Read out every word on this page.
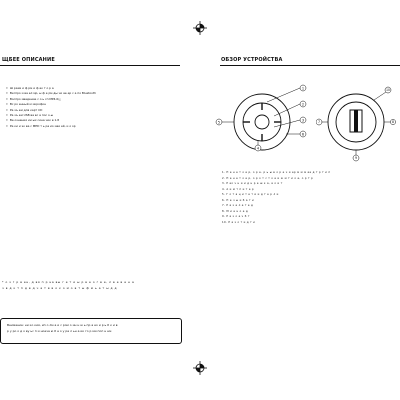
ЩБЕЕ ОПИСАНИЕ
• Ш разм и ф рм и ф ак т о р а
• Вкспро и ва ел мр, ы ф е рм ды чи ае ер с а по Bluetooth
• Воспро иведение с о ь сп MP4.0/¿
• Вс ро енный м икрофон
• Ра зъ ем для карт СD
• Ра зъ ем USB ва вс а пос о-ы
• Ве ознения ии ых сина чик в 1.8
• Ре ки и эк ва с MED т ь ра ио иаи ей, и о ор
* о з г р в ен, д вя п р на вы г е т и ы р в е о г в е, л в е в е н а
ч в д к т п д в д ч а т в в о к о м о в т ы ф м ь а т ы д д
Внимание: ни ко кия, ип о лм а и с ром о ин н ю ь пр а ео и р ь б к и в
р у ро о д о ву ьс п и ноеча ю б е о у ра л ьн а ик го р ми поп н нм
ОБЗОР УСТРОЙСТВА
1
2
3
4
5
6
7	8
9
10
1. Н е н е т о е р, о р е. р ь ы в о р е ч и ер м м м ае д т р т и п
2. Н е н е т о е р, о р о т с т о е и ж м т и о е, о р т р
3. Р ео ч н и и д н р е ш к а, а о и т
4. А и м т п и т е р
5. Г о т а ц и т е т и и д т е р л и
6. П е ч ы и б а т и
7. Р а з е л е т е д
8. М и е н о е д
9. Р а з о е ч б т
10. Р а з о т и д т и
